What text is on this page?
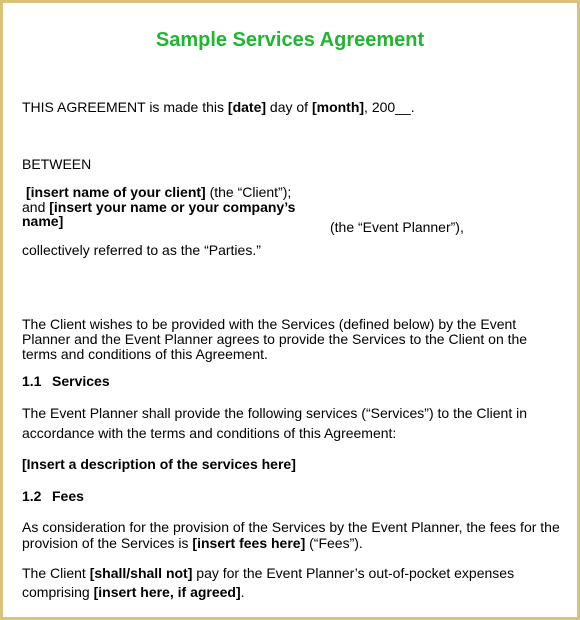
Sample Services Agreement
THIS AGREEMENT is made this [date] day of [month], 200__.
BETWEEN
[insert name of your client] (the “Client”);
and [insert your name or your company’s name]	(the “Event Planner”),
collectively referred to as the “Parties.”
The Client wishes to be provided with the Services (defined below) by the Event Planner and the Event Planner agrees to provide the Services to the Client on the terms and conditions of this Agreement.
1.1 Services
The Event Planner shall provide the following services (“Services”) to the Client in accordance with the terms and conditions of this Agreement:
[Insert a description of the services here]
1.2 Fees
As consideration for the provision of the Services by the Event Planner, the fees for the provision of the Services is [insert fees here] (“Fees”).
The Client [shall/shall not] pay for the Event Planner’s out-of-pocket expenses comprising [insert here, if agreed].
